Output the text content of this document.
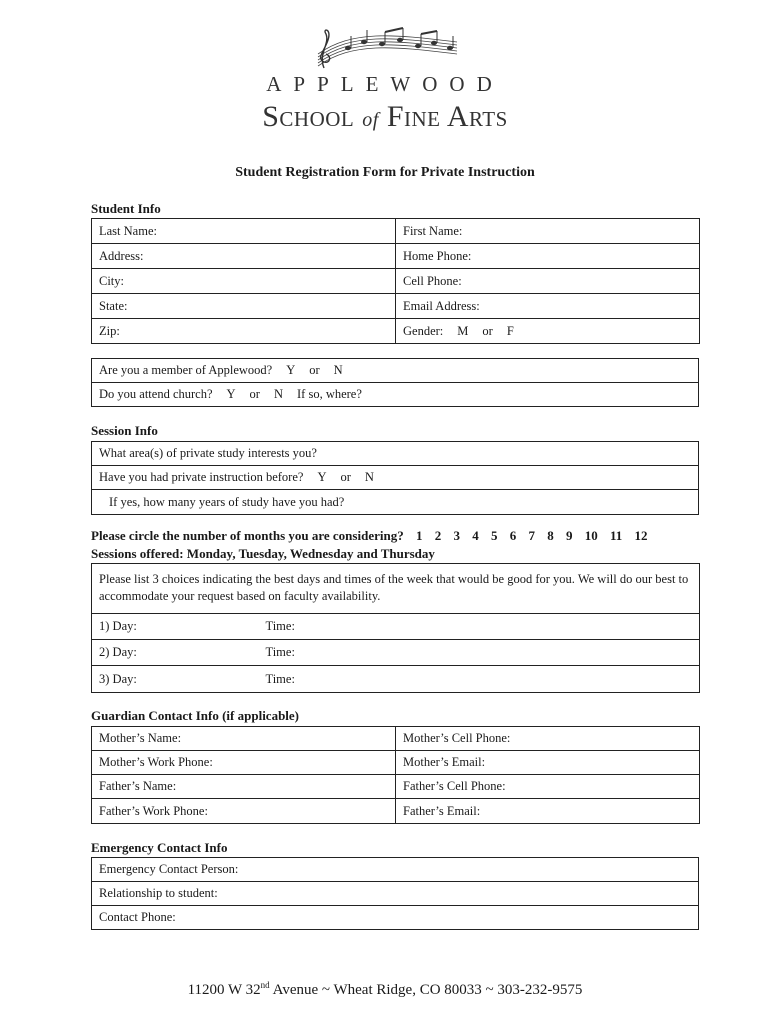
APPLEWOOD
School of Fine Arts
Student Registration Form for Private Instruction
Student Info
Last Name:	First Name:
Address:	Home Phone:
City:	Cell Phone:
State:	Email Address:
Zip:	Gender: M or F
Are you a member of Applewood? Y or N
Do you attend church? Y or N If so, where?
Session Info
What area(s) of private study interests you?
Have you had private instruction before? Y or N
If yes, how many years of study have you had?
Please circle the number of months you are considering? 1 2 3 4 5 6 7 8 9 10 11 12
Sessions offered: Monday, Tuesday, Wednesday and Thursday
Please list 3 choices indicating the best days and times of the week that would be good for you. We will do our best to accommodate your request based on faculty availability.	
1) Day:	Time:
2) Day:	Time:
3) Day:	Time:
Guardian Contact Info (if applicable)
Mother’s Name:	Mother’s Cell Phone:
Mother’s Work Phone:	Mother’s Email:
Father’s Name:	Father’s Cell Phone:
Father’s Work Phone:	Father’s Email:
Emergency Contact Info
Emergency Contact Person:
Relationship to student:
Contact Phone:
11200 W 32nd Avenue ~ Wheat Ridge, CO 80033 ~ 303-232-9575
